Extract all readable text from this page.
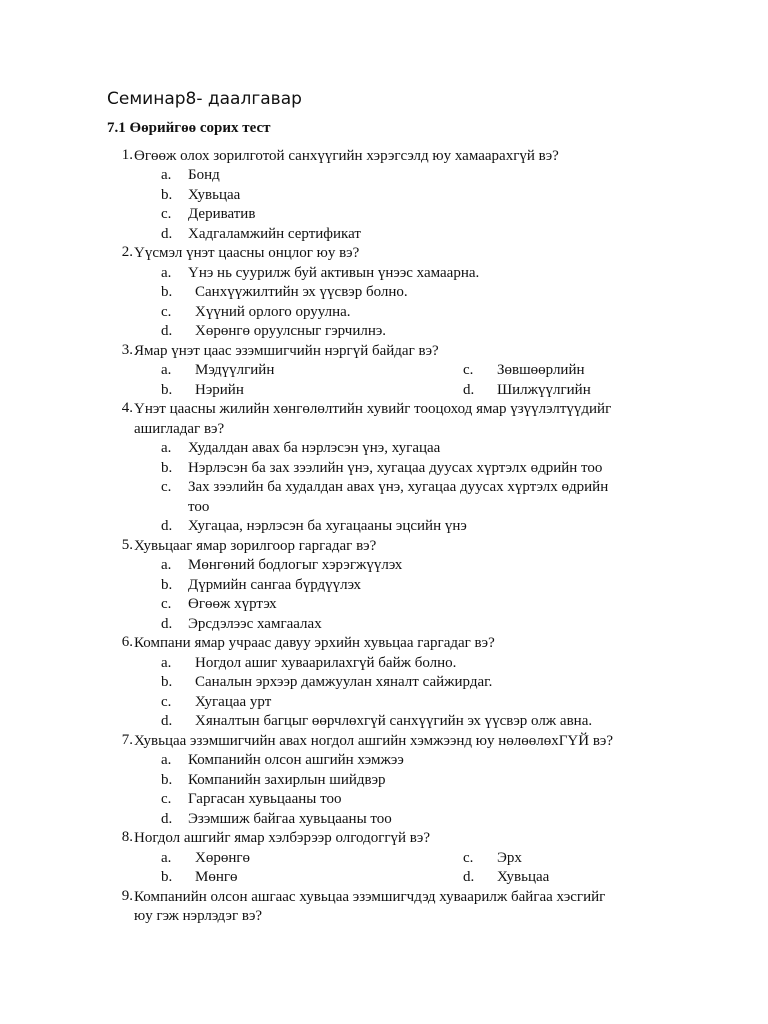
Семинар8- даалгавар
7.1 Өөрийгөө сорих тест
1. Өгөөж олох зорилготой санхүүгийн хэрэгсэлд юу хамаарахгүй вэ?
a.	Бонд
b.	Хувьцаа
c.	Дериватив
d.	Хадгаламжийн сертификат
2. Үүсмэл үнэт цаасны онцлог юу вэ?
a.	Үнэ нь суурилж буй активын үнээс хамаарна.
b.	Санхүүжилтийн эх үүсвэр болно.
c.	Хүүний орлого оруулна.
d.	Хөрөнгө оруулсныг гэрчилнэ.
3. Ямар үнэт цаас эзэмшигчийн нэргүй байдаг вэ?
a.	Мэдүүлгийн	c.	Зөвшөөрлийн
b.	Нэрийн	d.	Шилжүүлгийн
4. Үнэт цаасны жилийн хөнгөлөлтийн хувийг тооцоход ямар үзүүлэлтүүдийг
ашигладаг вэ?
a.	Худалдан авах ба нэрлэсэн үнэ, хугацаа
b.	Нэрлэсэн ба зах зээлийн үнэ, хугацаа дуусах хүртэлх өдрийн тоо
c.	Зах зээлийн ба худалдан авах үнэ, хугацаа дуусах хүртэлх өдрийн
тоо
d.	Хугацаа, нэрлэсэн ба хугацааны эцсийн үнэ
5. Хувьцааг ямар зорилгоор гаргадаг вэ?
a.	Мөнгөний бодлогыг хэрэгжүүлэх
b.	Дүрмийн сангаа бүрдүүлэх
c.	Өгөөж хүртэх
d.	Эрсдэлээс хамгаалах
6. Компани ямар учраас давуу эрхийн хувьцаа гаргадаг вэ?
a.	Ногдол ашиг хуваарилахгүй байж болно.
b.	Саналын эрхээр дамжуулан хяналт сайжирдаг.
c.	Хугацаа урт
d.	Хяналтын багцыг өөрчлөхгүй санхүүгийн эх үүсвэр олж авна.
7. Хувьцаа эзэмшигчийн авах ногдол ашгийн хэмжээнд юу нөлөөлөхГҮЙ вэ?
a.	Компанийн олсон ашгийн хэмжээ
b.	Компанийн захирлын шийдвэр
c.	Гаргасан хувьцааны тоо
d.	Эзэмшиж байгаа хувьцааны тоо
8. Ногдол ашгийг ямар хэлбэрээр олгодоггүй вэ?
a.	Хөрөнгө	c.	Эрх
b.	Мөнгө	d.	Хувьцаа
9. Компанийн олсон ашгаас хувьцаа эзэмшигчдэд хуваарилж байгаа хэсгийг
юу гэж нэрлэдэг вэ?
